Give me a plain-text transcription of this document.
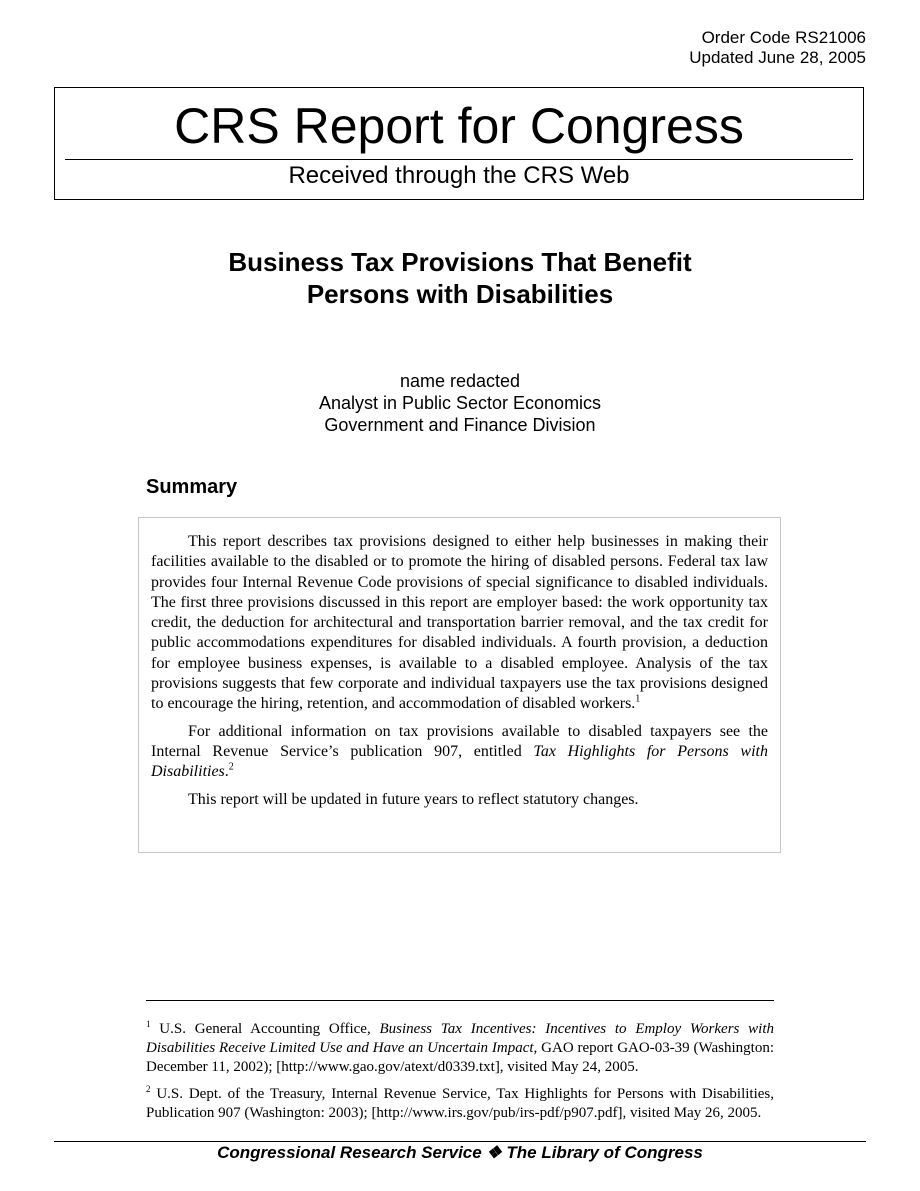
Order Code RS21006
Updated June 28, 2005
CRS Report for Congress
Received through the CRS Web
Business Tax Provisions That Benefit
Persons with Disabilities
name redacted
Analyst in Public Sector Economics
Government and Finance Division
Summary

This report describes tax provisions designed to either help businesses in making their facilities available to the disabled or to promote the hiring of disabled persons. Federal tax law provides four Internal Revenue Code provisions of special significance to disabled individuals. The first three provisions discussed in this report are employer based: the work opportunity tax credit, the deduction for architectural and transportation barrier removal, and the tax credit for public accommodations expenditures for disabled individuals. A fourth provision, a deduction for employee business expenses, is available to a disabled employee. Analysis of the tax provisions suggests that few corporate and individual taxpayers use the tax provisions designed to encourage the hiring, retention, and accommodation of disabled workers.$^1$

For additional information on tax provisions available to disabled taxpayers see the Internal Revenue Service’s publication 907, entitled Tax Highlights for Persons with Disabilities.$^2$

This report will be updated in future years to reflect statutory changes.

$^1$ U.S. General Accounting Office, Business Tax Incentives: Incentives to Employ Workers with Disabilities Receive Limited Use and Have an Uncertain Impact, GAO report GAO-03-39 (Washington: December 11, 2002); [http://www.gao.gov/atext/d0339.txt], visited May 24, 2005.

$^2$ U.S. Dept. of the Treasury, Internal Revenue Service, Tax Highlights for Persons with Disabilities, Publication 907 (Washington: 2003); [http://www.irs.gov/pub/irs-pdf/p907.pdf], visited May 26, 2005.

Congressional Research Service ❖ The Library of Congress
